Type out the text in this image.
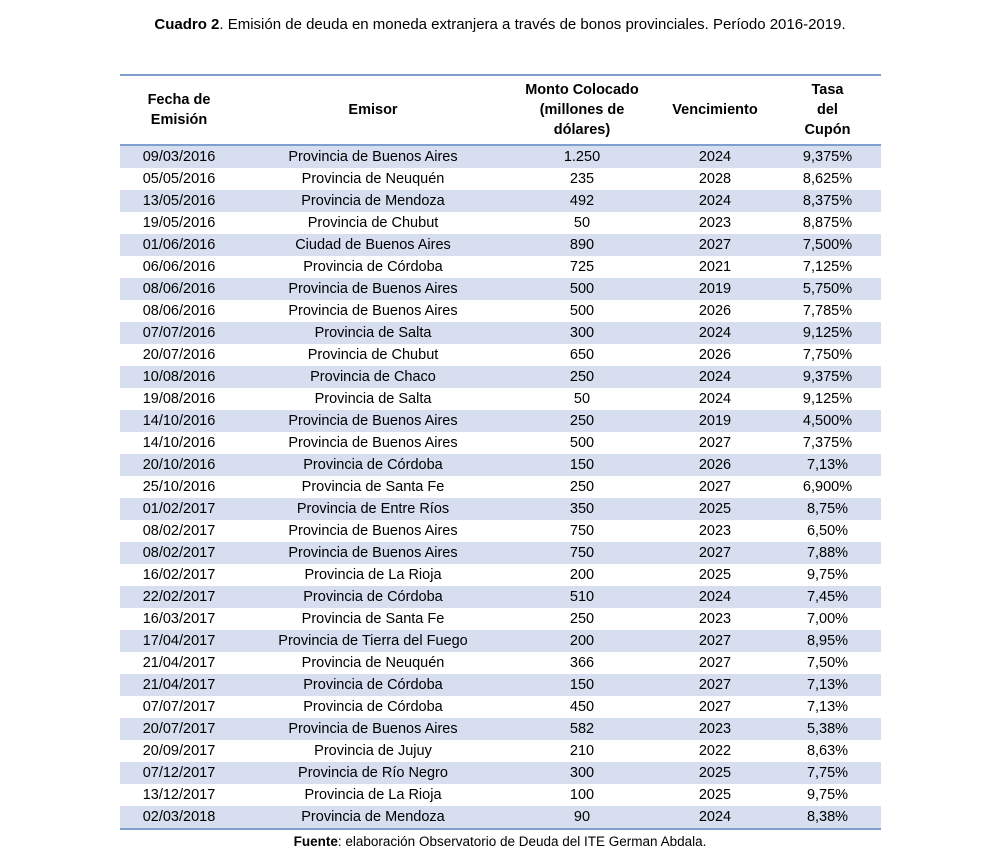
Cuadro 2. Emisión de deuda en moneda extranjera a través de bonos provinciales. Período 2016-2019.
Fecha de Emisión	Emisor	Monto Colocado (millones de dólares)	Vencimiento	Tasa del Cupón
09/03/2016	Provincia de Buenos Aires	1.250	2024	9,375%
05/05/2016	Provincia de Neuquén	235	2028	8,625%
13/05/2016	Provincia de Mendoza	492	2024	8,375%
19/05/2016	Provincia de Chubut	50	2023	8,875%
01/06/2016	Ciudad de Buenos Aires	890	2027	7,500%
06/06/2016	Provincia de Córdoba	725	2021	7,125%
08/06/2016	Provincia de Buenos Aires	500	2019	5,750%
08/06/2016	Provincia de Buenos Aires	500	2026	7,785%
07/07/2016	Provincia de Salta	300	2024	9,125%
20/07/2016	Provincia de Chubut	650	2026	7,750%
10/08/2016	Provincia de Chaco	250	2024	9,375%
19/08/2016	Provincia de Salta	50	2024	9,125%
14/10/2016	Provincia de Buenos Aires	250	2019	4,500%
14/10/2016	Provincia de Buenos Aires	500	2027	7,375%
20/10/2016	Provincia de Córdoba	150	2026	7,13%
25/10/2016	Provincia de Santa Fe	250	2027	6,900%
01/02/2017	Provincia de Entre Ríos	350	2025	8,75%
08/02/2017	Provincia de Buenos Aires	750	2023	6,50%
08/02/2017	Provincia de Buenos Aires	750	2027	7,88%
16/02/2017	Provincia de La Rioja	200	2025	9,75%
22/02/2017	Provincia de Córdoba	510	2024	7,45%
16/03/2017	Provincia de Santa Fe	250	2023	7,00%
17/04/2017	Provincia de Tierra del Fuego	200	2027	8,95%
21/04/2017	Provincia de Neuquén	366	2027	7,50%
21/04/2017	Provincia de Córdoba	150	2027	7,13%
07/07/2017	Provincia de Córdoba	450	2027	7,13%
20/07/2017	Provincia de Buenos Aires	582	2023	5,38%
20/09/2017	Provincia de Jujuy	210	2022	8,63%
07/12/2017	Provincia de Río Negro	300	2025	7,75%
13/12/2017	Provincia de La Rioja	100	2025	9,75%
02/03/2018	Provincia de Mendoza	90	2024	8,38%
Fuente: elaboración Observatorio de Deuda del ITE German Abdala.
